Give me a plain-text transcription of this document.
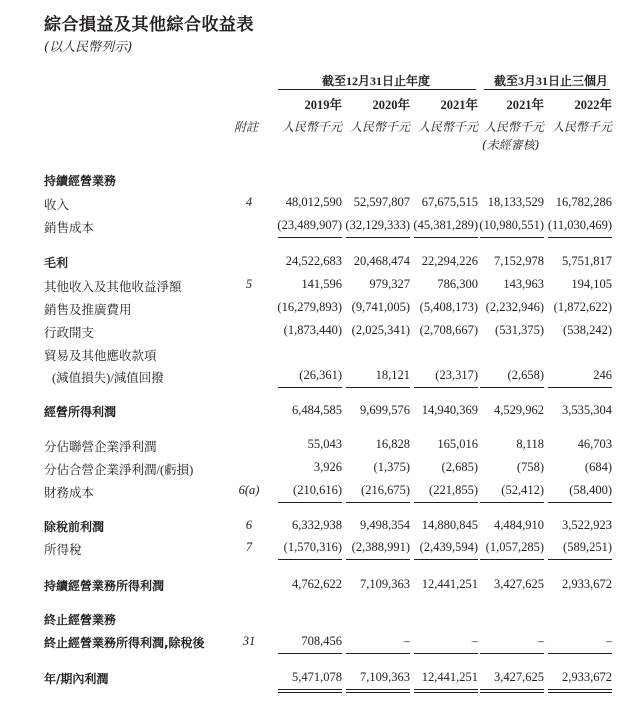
綜合損益及其他綜合收益表
(以人民幣列示)
截至12月31日止年度	截至3月31日止三個月
2019年	2020年	2021年	2021年	2022年
附註	人民幣千元 人民幣千元 人民幣千元 人民幣千元 人民幣千元
(未經審核)
持續經營業務
收入	4	48,012,590 52,597,807 67,675,515 18,133,529 16,782,286
銷售成本	(23,489,907) (32,129,333) (45,381,289) (10,980,551) (11,030,469)
毛利	24,522,683 20,468,474 22,294,226	7,152,978	5,751,817
其他收入及其他收益淨額	5	141,596	979,327	786,300	143,963	194,105
銷售及推廣費用	(16,279,893) (9,741,005) (5,408,173) (2,232,946) (1,872,622)
行政開支	(1,873,440) (2,025,341) (2,708,667)	(531,375)	(538,242)
貿易及其他應收款項
(減值損失)/減值回撥	(26,361)	18,121	(23,317)	(2,658)	246
經營所得利潤	6,484,585	9,699,576 14,940,369	4,529,962	3,535,304
分佔聯營企業淨利潤	55,043	16,828	165,016	8,118	46,703
分佔合營企業淨利潤/(虧損)	3,926	(1,375)	(2,685)	(758)	(684)
財務成本	6(a)	(210,616)	(216,675)	(221,855)	(52,412)	(58,400)
除稅前利潤	6	6,332,938	9,498,354 14,880,845	4,484,910	3,522,923
所得稅	7	(1,570,316) (2,388,991) (2,439,594) (1,057,285)	(589,251)
持續經營業務所得利潤	4,762,622	7,109,363 12,441,251	3,427,625	2,933,672
終止經營業務
終止經營業務所得利潤,除稅後	31	708,456	–	–	–	–
年/期內利潤	5,471,078	7,109,363 12,441,251	3,427,625	2,933,672
